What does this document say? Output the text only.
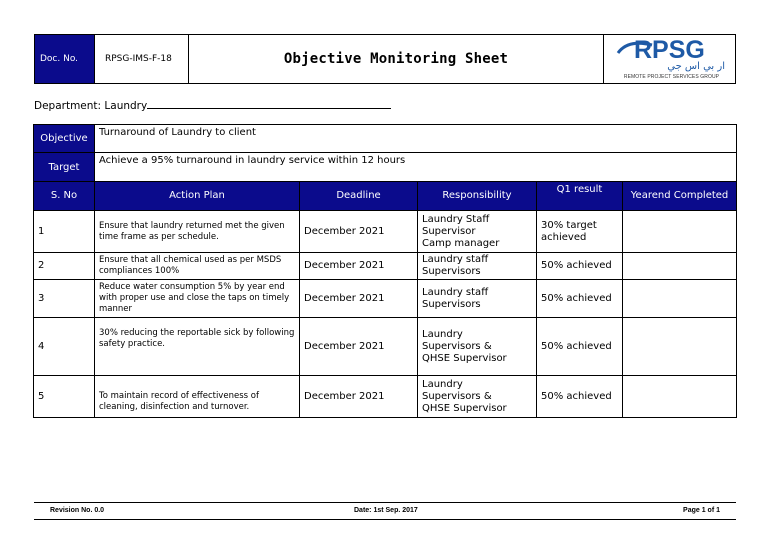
Doc. No.	RPSG-IMS-F-18	Objective Monitoring Sheet	RPSG
ار بي اس جي
REMOTE PROJECT SERVICES GROUP
Department: Laundry
Objective	Turnaround of Laundry to client				
Target	Achieve a 95% turnaround in laundry service within 12 hours				
S. No	Action Plan	Deadline	Responsibility	Q1 result	Yearend Completed
1	Ensure that laundry returned met the given time frame as per schedule.	December 2021	Laundry Staff
Supervisor
Camp manager	30% target achieved	
2	Ensure that all chemical used as per MSDS compliances 100%	December 2021	Laundry staff
Supervisors	50% achieved	
3	Reduce water consumption 5% by year end with proper use and close the taps on timely manner	December 2021	Laundry staff
Supervisors	50% achieved	
4	30% reducing the reportable sick by following safety practice.	December 2021	Laundry
Supervisors &
QHSE Supervisor	50% achieved	
5	To maintain record of effectiveness of cleaning, disinfection and turnover.	December 2021	Laundry
Supervisors &
QHSE Supervisor	50% achieved	
Revision No. 0.0	Date: 1st Sep. 2017	Page 1 of 1
